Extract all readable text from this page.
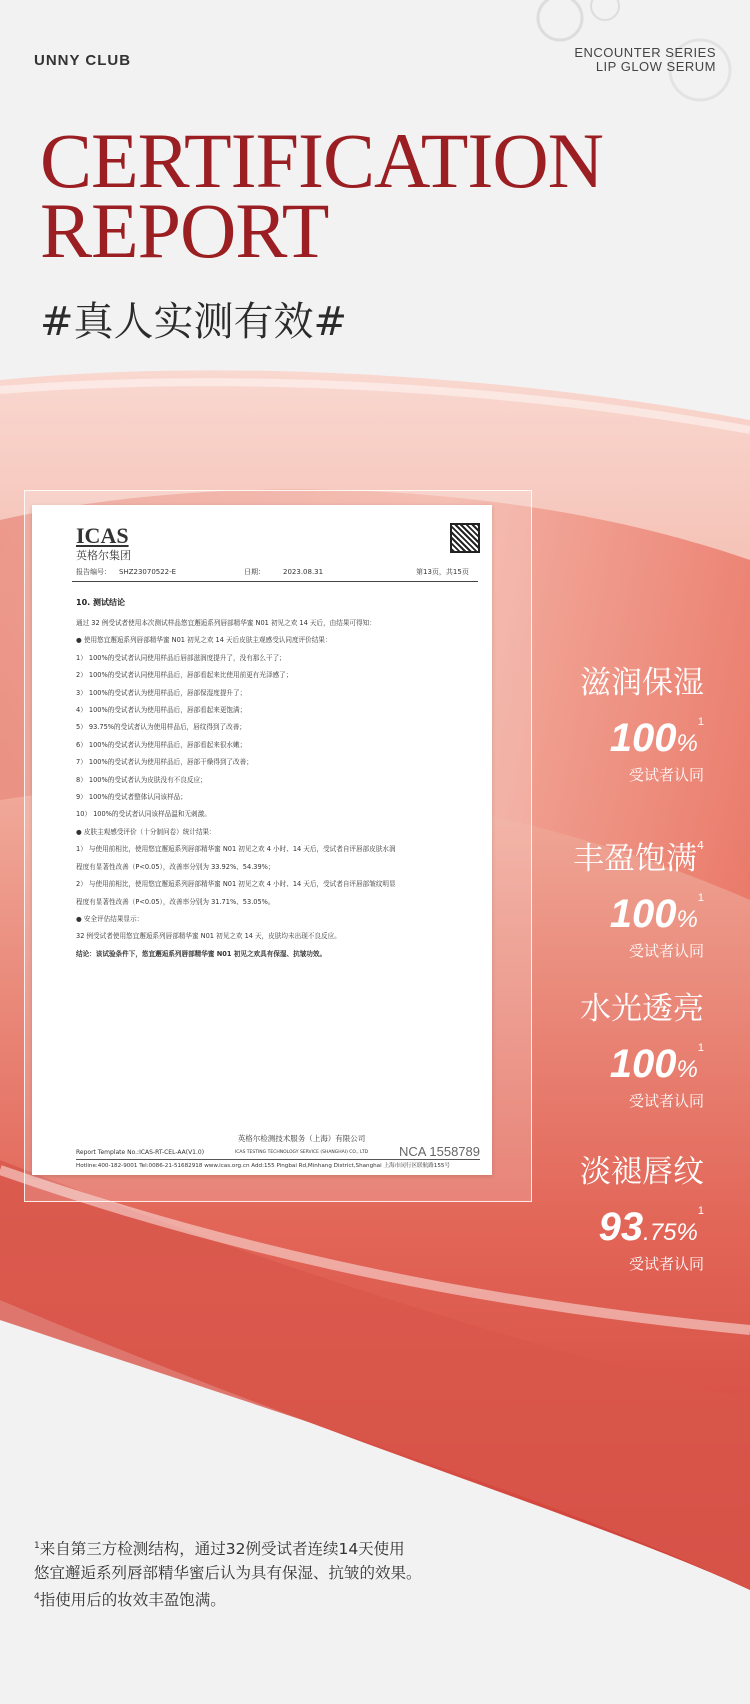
UNNY CLUB	ENCOUNTER SERIES
LIP GLOW SERUM
CERTIFICATION
REPORT
#真人实测有效#
ICAS
英格尔集团
报告编号： SHZ23070522-E	日期：	2023.08.31	第13页，共15页
10. 测试结论
通过 32 例受试者使用本次测试样品悠宜邂逅系列唇部精华蜜 N01 初见之欢 14 天后，由结果可得知：
● 使用悠宜邂逅系列唇部精华蜜 N01 初见之欢 14 天后皮肤主观感受认同度评价结果：
1） 100%的受试者认同使用样品后唇部滋润度提升了，没有那么干了；
2） 100%的受试者认同使用样品后，唇部看起来比使用前更有光泽感了；
3） 100%的受试者认为使用样品后，唇部保湿度提升了；
4） 100%的受试者认为使用样品后，唇部看起来更饱满；
5） 93.75%的受试者认为使用样品后，唇纹得到了改善；
6） 100%的受试者认为使用样品后，唇部看起来很水嫩；
7） 100%的受试者认为使用样品后，唇部干燥得到了改善；
8） 100%的受试者认为皮肤没有不良反应；
9） 100%的受试者整体认同该样品；
10） 100%的受试者认同该样品温和无刺激。
● 皮肤主观感受评价（十分制问卷）统计结果：
1） 与使用前相比，使用悠宜邂逅系列唇部精华蜜 N01 初见之欢 4 小时、14 天后，受试者自评唇部皮肤水润
程度有显著性改善（P<0.05），改善率分别为 33.92%、54.39%；
2） 与使用前相比，使用悠宜邂逅系列唇部精华蜜 N01 初见之欢 4 小时、14 天后，受试者自评唇部皱纹明显
程度有显著性改善（P<0.05），改善率分别为 31.71%、53.05%。
● 安全评估结果显示：
32 例受试者使用悠宜邂逅系列唇部精华蜜 N01 初见之欢 14 天，皮肤均未出现不良反应。
结论：该试验条件下，悠宜邂逅系列唇部精华蜜 N01 初见之欢具有保湿、抗皱功效。
Report Template No.:ICAS-RT-CEL-AA(V1.0)
英格尔检测技术服务（上海）有限公司
ICAS TESTING TECHNOLOGY SERVICE (SHANGHAI) CO., LTD NCA 1558789
Hotline:400-182-9001 Tel:0086-21-51682918 www.icas.org.cn Add:155 Pingbai Rd,Minhang District,Shanghai 上海市闵行区联航路155号
滋润保湿
100%$^1$
受试者认同
丰盈饱满$^4$
100%$^1$
受试者认同
水光透亮
100%$^1$
受试者认同
淡褪唇纹
93.75%$^1$
受试者认同
$^1$来自第三方检测结构，通过32例受试者连续14天使用
悠宜邂逅系列唇部精华蜜后认为具有保湿、抗皱的效果。
$^4$指使用后的妆效丰盈饱满。
